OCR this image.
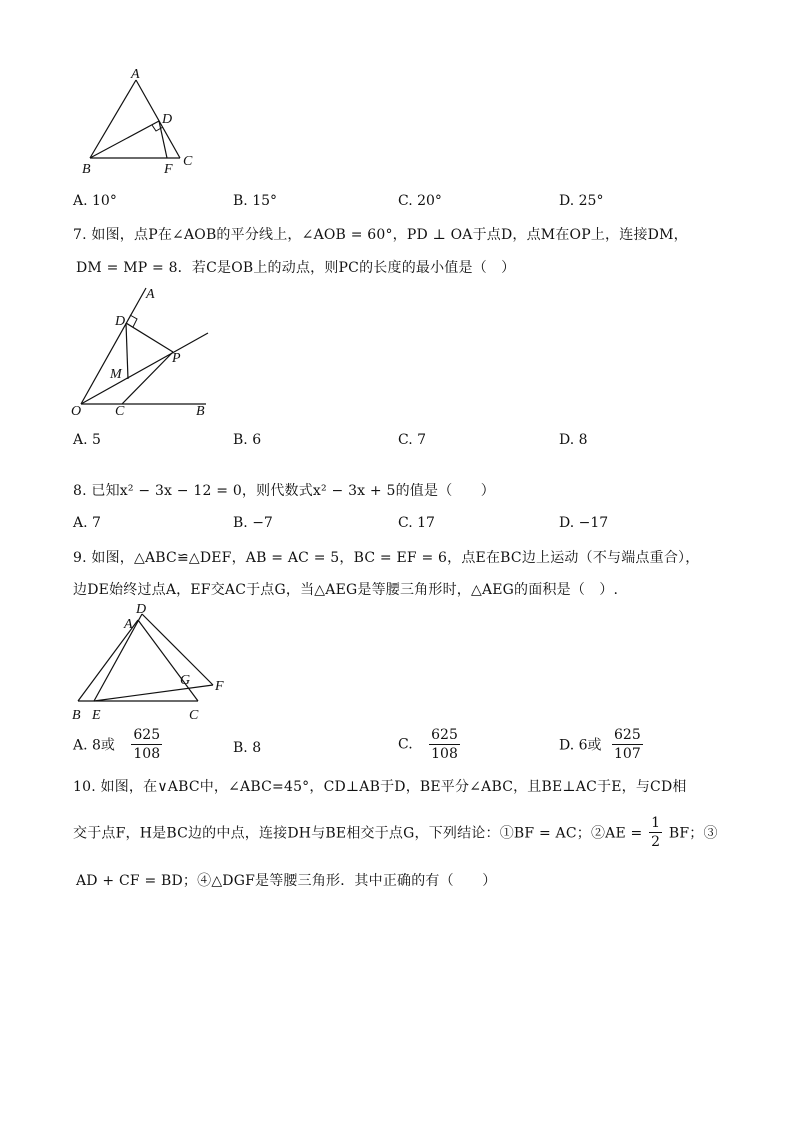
A
D
B	F
C
A. 10°	B. 15°	C. 20°	D. 25°
7. 如图，点P在∠AOB的平分线上，∠AOB = 60°，PD ⊥ OA于点D，点M在OP上，连接DM，
DM = MP = 8．若C是OB上的动点，则PC的长度的最小值是（　）
A
D
P
M
O C	B
A. 5	B. 6	C. 7	D. 8
8. 已知x² − 3x − 12 = 0，则代数式x² − 3x + 5的值是（　　）
A. 7	B. −7	C. 17	D. −17
9. 如图，△ABC≌△DEF，AB = AC = 5，BC = EF = 6，点E在BC边上运动（不与端点重合），
边DE始终过点A，EF交AC于点G，当△AEG是等腰三角形时，△AEG的面积是（　）.
D
A
G F
B E	C
A. 8或 $\frac{625}{108}$	B. 8	C. $\frac{625}{108}$	D. 6或 $\frac{625}{107}$
10. 如图，在∨ABC中，∠ABC=45°，CD⊥AB于D，BE平分∠ABC，且BE⊥AC于E，与CD相
交于点F，H是BC边的中点，连接DH与BE相交于点G，下列结论：①BF = AC；②AE = $\frac{1}{2}$ BF；③
AD + CF = BD；④△DGF是等腰三角形．其中正确的有（　　）
